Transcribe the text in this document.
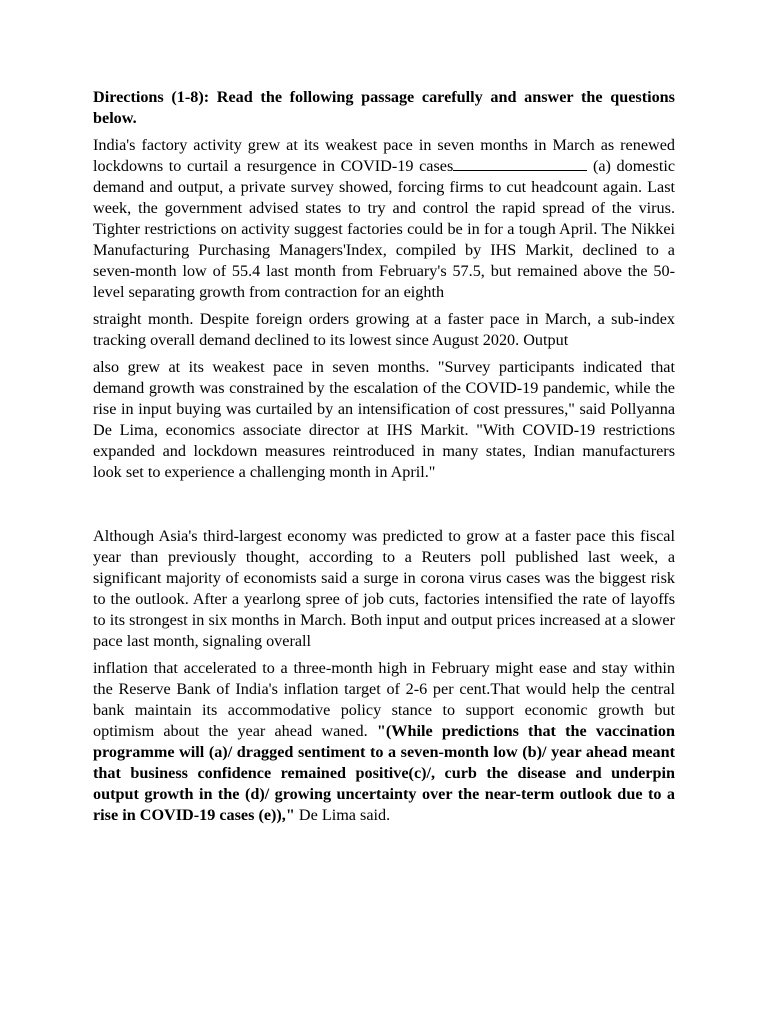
Directions (1-8): Read the following passage carefully and answer the questions below.

India's factory activity grew at its weakest pace in seven months in March as renewed lockdowns to curtail a resurgence in COVID-19 cases	(a) domestic demand and output, a private survey showed, forcing firms to cut headcount again. Last week, the government advised states to try and control the rapid spread of the virus. Tighter restrictions on activity suggest factories could be in for a tough April. The Nikkei Manufacturing Purchasing Managers'Index, compiled by IHS Markit, declined to a seven-month low of 55.4 last month from February's 57.5, but remained above the 50-level separating growth from contraction for an eighth

straight month. Despite foreign orders growing at a faster pace in March, a sub-index tracking overall demand declined to its lowest since August 2020. Output

also grew at its weakest pace in seven months. "Survey participants indicated that demand growth was constrained by the escalation of the COVID-19 pandemic, while the rise in input buying was curtailed by an intensification of cost pressures," said Pollyanna De Lima, economics associate director at IHS Markit. "With COVID-19 restrictions expanded and lockdown measures reintroduced in many states, Indian manufacturers look set to experience a challenging month in April."

Although Asia's third-largest economy was predicted to grow at a faster pace this fiscal year than previously thought, according to a Reuters poll published last week, a significant majority of economists said a surge in corona virus cases was the biggest risk to the outlook. After a yearlong spree of job cuts, factories intensified the rate of layoffs to its strongest in six months in March. Both input and output prices increased at a slower pace last month, signaling overall

inflation that accelerated to a three-month high in February might ease and stay within the Reserve Bank of India's inflation target of 2-6 per cent.That would help the central bank maintain its accommodative policy stance to support economic growth but optimism about the year ahead waned. "(While predictions that the vaccination programme will (a)/ dragged sentiment to a seven-month low (b)/ year ahead meant that business confidence remained positive(c)/, curb the disease and underpin output growth in the (d)/ growing uncertainty over the near-term outlook due to a rise in COVID-19 cases (e))," De Lima said.
